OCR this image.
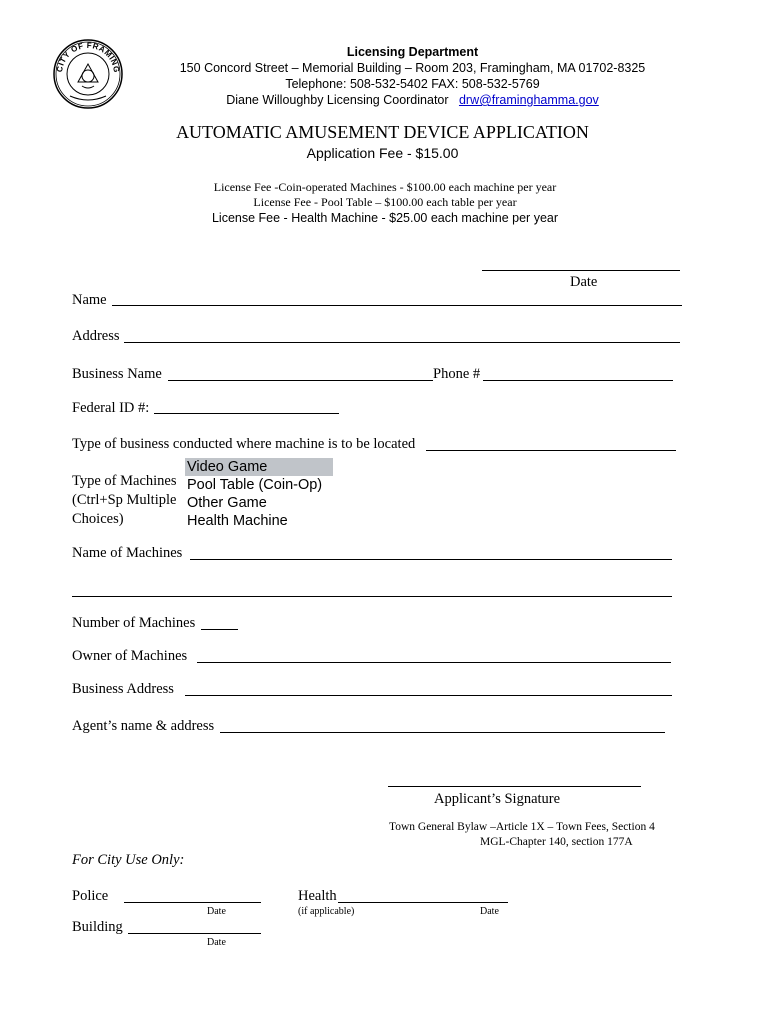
CITY OF FRAMING
Licensing Department
150 Concord Street – Memorial Building – Room 203, Framingham, MA 01702-8325
Telephone: 508-532-5402 FAX: 508-532-5769
Diane Willoughby Licensing Coordinator drw@framinghamma.gov
AUTOMATIC AMUSEMENT DEVICE APPLICATION
Application Fee - $15.00
License Fee -Coin-operated Machines - $100.00 each machine per year
License Fee - Pool Table – $100.00 each table per year
License Fee - Health Machine - $25.00 each machine per year
Date
Name
Address
Business Name	Phone #
Federal ID #:
Type of business conducted where machine is to be located
Type of Machines
(Ctrl+Sp Multiple
Choices)
Video Game
Pool Table (Coin-Op)
Other Game
Health Machine
Name of Machines
Number of Machines
Owner of Machines
Business Address
Agent’s name & address
Applicant’s Signature
Town General Bylaw –Article 1X – Town Fees, Section 4
MGL-Chapter 140, section 177A
For City Use Only:
Police
Date
Health
(if applicable)	Date
Building
Date
